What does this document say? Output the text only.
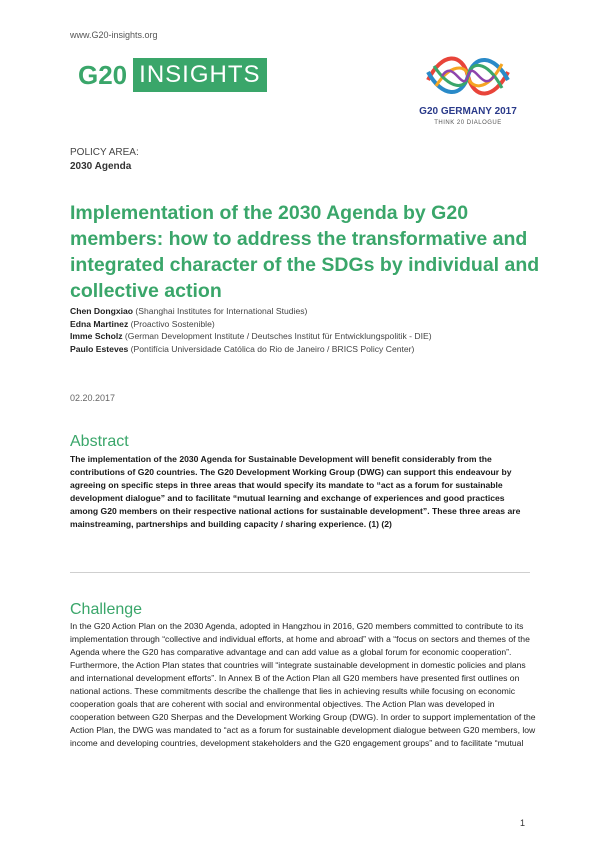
www.G20-insights.org
G20 INSIGHTS
G20 GERMANY 2017
THINK 20 DIALOGUE
POLICY AREA:
2030 Agenda
Implementation of the 2030 Agenda by G20 members: how to address the transformative and integrated character of the SDGs by individual and collective action
Chen Dongxiao (Shanghai Institutes for International Studies)
Edna Martinez (Proactivo Sostenible)
Imme Scholz (German Development Institute / Deutsches Institut für Entwicklungspolitik - DIE)
Paulo Esteves (Pontifícia Universidade Católica do Rio de Janeiro / BRICS Policy Center)
02.20.2017
Abstract

The implementation of the 2030 Agenda for Sustainable Development will benefit considerably from the contributions of G20 countries. The G20 Development Working Group (DWG) can support this endeavour by agreeing on specific steps in three areas that would specify its mandate to “act as a forum for sustainable development dialogue” and to facilitate “mutual learning and exchange of experiences and good practices among G20 members on their respective national actions for sustainable development”. These three areas are mainstreaming, partnerships and building capacity / sharing experience. (1) (2)

Challenge

In the G20 Action Plan on the 2030 Agenda, adopted in Hangzhou in 2016, G20 members committed to contribute to its implementation through “collective and individual efforts, at home and abroad” with a “focus on sectors and themes of the Agenda where the G20 has comparative advantage and can add value as a global forum for economic cooperation”. Furthermore, the Action Plan states that countries will “integrate sustainable development in domestic policies and plans and international development efforts”. In Annex B of the Action Plan all G20 members have presented first outlines on national actions. These commitments describe the challenge that lies in achieving results while focusing on economic cooperation goals that are coherent with social and environmental objectives. The Action Plan was developed in cooperation between G20 Sherpas and the Development Working Group (DWG). In order to support implementation of the Action Plan, the DWG was mandated to “act as a forum for sustainable development dialogue between G20 members, low income and developing countries, development stakeholders and the G20 engagement groups” and to facilitate “mutual

1
